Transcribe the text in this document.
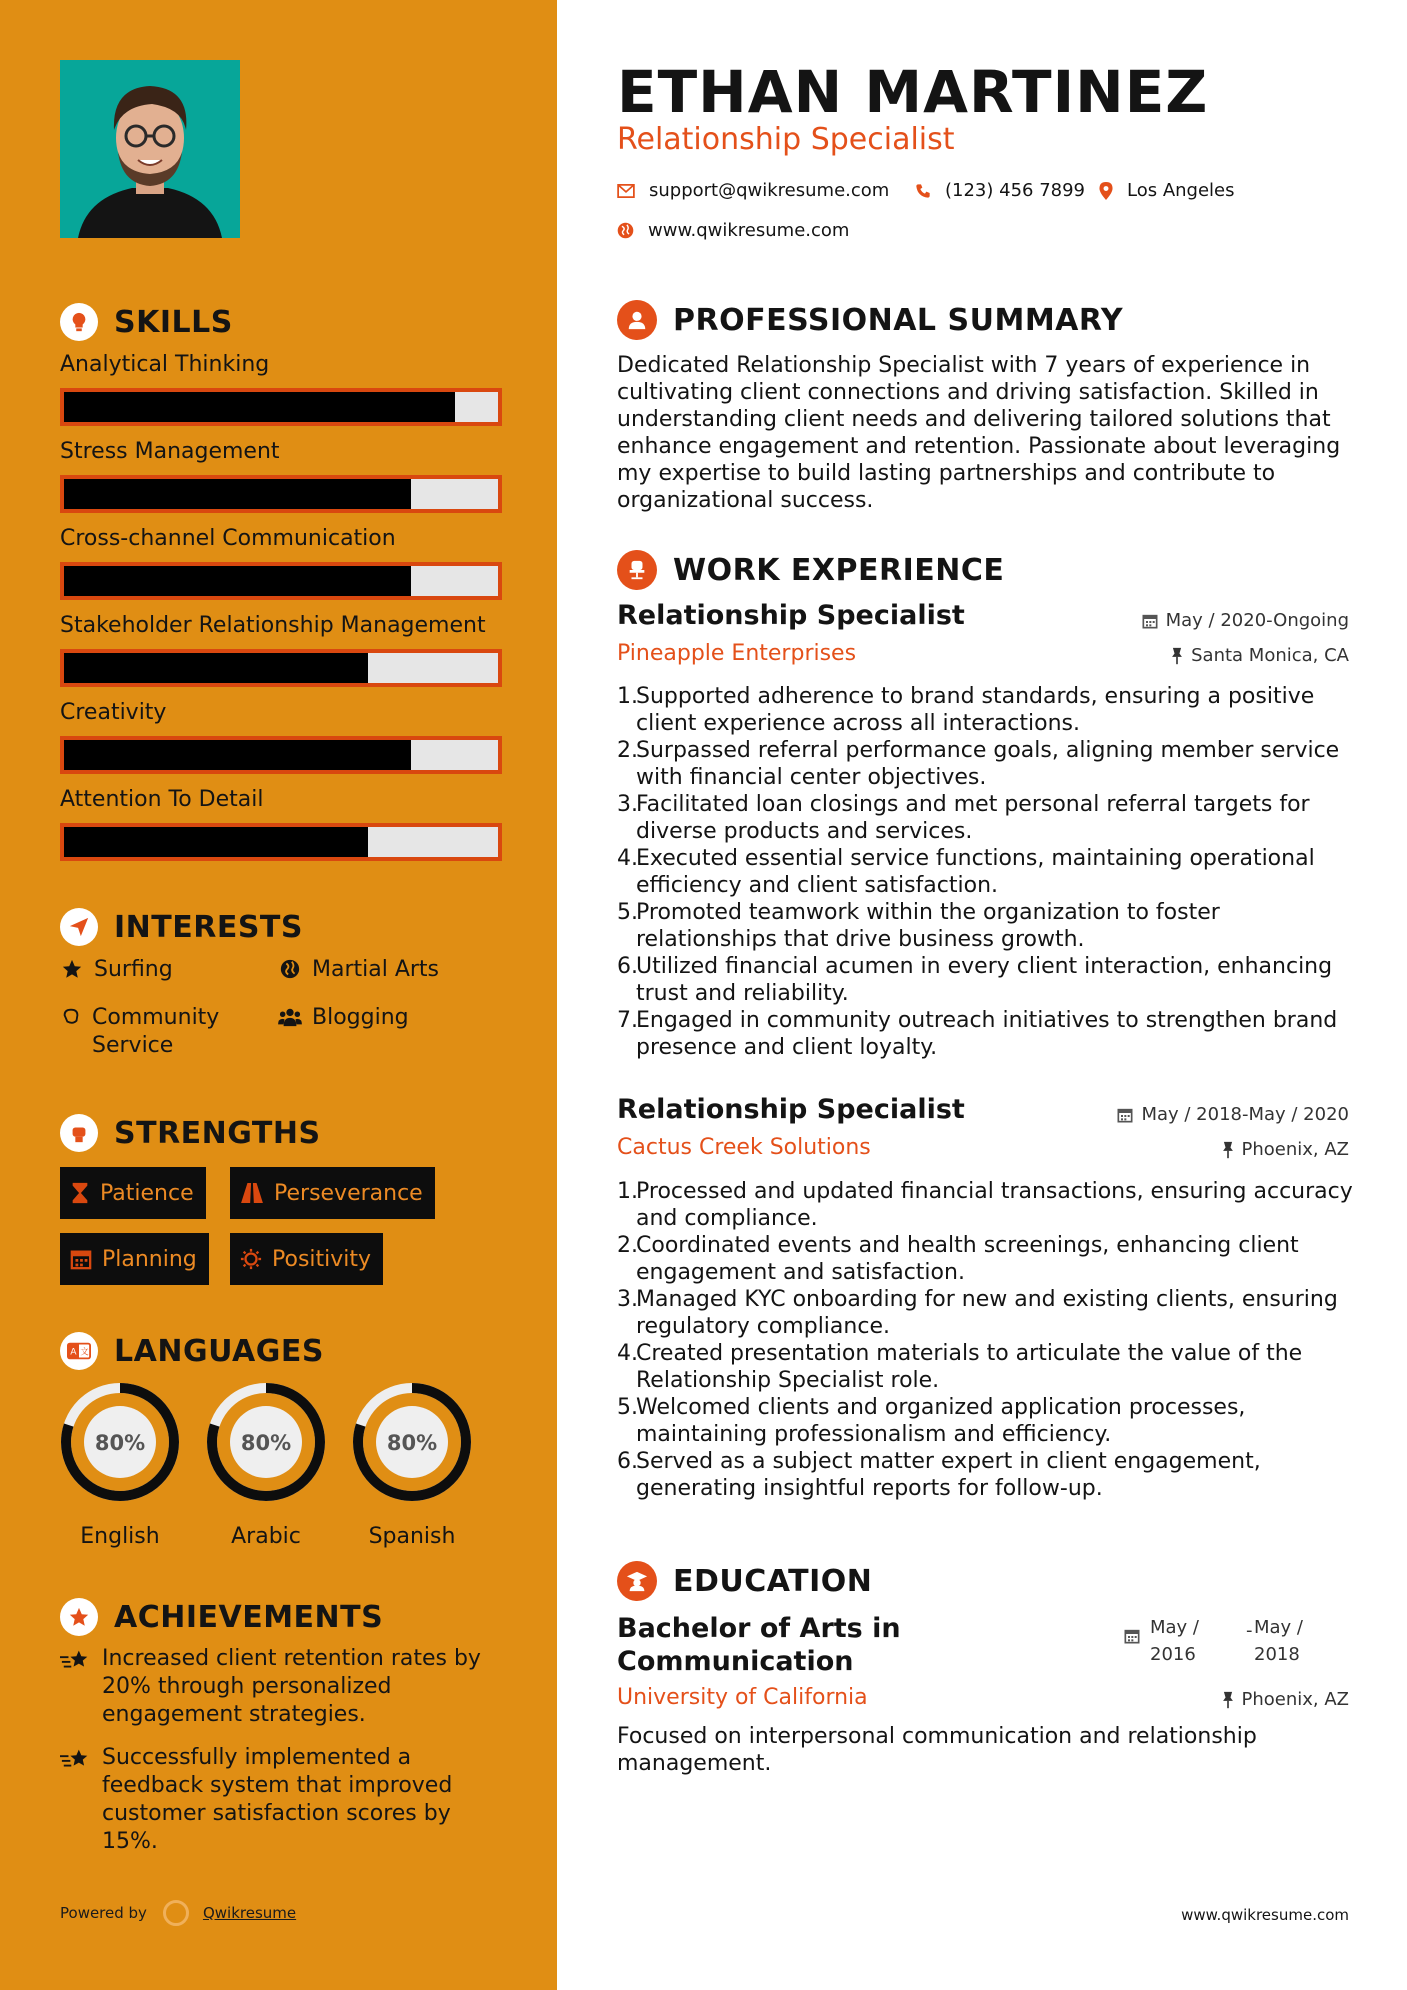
SKILLS
Analytical Thinking
Stress Management
Cross-channel Communication
Stakeholder Relationship Management
Creativity
Attention To Detail
INTERESTS
Surfing	Martial Arts
Community Service
Blogging
STRENGTHS
Patience	Perseverance
Planning	Positivity
A 文 LANGUAGES
80%
English
80%
Arabic
80%
Spanish
ACHIEVEMENTS
Increased client retention rates by 20% through personalized engagement strategies.
Successfully implemented a feedback system that improved customer satisfaction scores by 15%.
Powered by	Qwikresume
ETHAN MARTINEZ
Relationship Specialist
support@qwikresume.com	(123) 456 7899 Los Angeles
www.qwikresume.com
PROFESSIONAL SUMMARY
Dedicated Relationship Specialist with 7 years of experience in cultivating client connections and driving satisfaction. Skilled in understanding client needs and delivering tailored solutions that enhance engagement and retention. Passionate about leveraging my expertise to build lasting partnerships and contribute to organizational success.
WORK EXPERIENCE
Relationship Specialist	May / 2020-Ongoing
Pineapple Enterprises	Santa Monica, CA
1.
Supported adherence to brand standards, ensuring a positive client experience across all interactions.
2.
Surpassed referral performance goals, aligning member service with financial center objectives.
3.
Facilitated loan closings and met personal referral targets for diverse products and services.
4.
Executed essential service functions, maintaining operational efficiency and client satisfaction.
5.
Promoted teamwork within the organization to foster relationships that drive business growth.
6.
Utilized financial acumen in every client interaction, enhancing trust and reliability.
7.
Engaged in community outreach initiatives to strengthen brand presence and client loyalty.
Relationship Specialist	May / 2018-May / 2020
Cactus Creek Solutions	Phoenix, AZ
1.
Processed and updated financial transactions, ensuring accuracy and compliance.
2.
Coordinated events and health screenings, enhancing client engagement and satisfaction.
3.
Managed KYC onboarding for new and existing clients, ensuring regulatory compliance.
4.
Created presentation materials to articulate the value of the Relationship Specialist role.
5.
Welcomed clients and organized application processes, maintaining professionalism and efficiency.
6.
Served as a subject matter expert in client engagement, generating insightful reports for follow-up.
EDUCATION
Bachelor of Arts in Communication
May / 2016
- May / 2018
University of California	Phoenix, AZ
Focused on interpersonal communication and relationship management.
www.qwikresume.com
